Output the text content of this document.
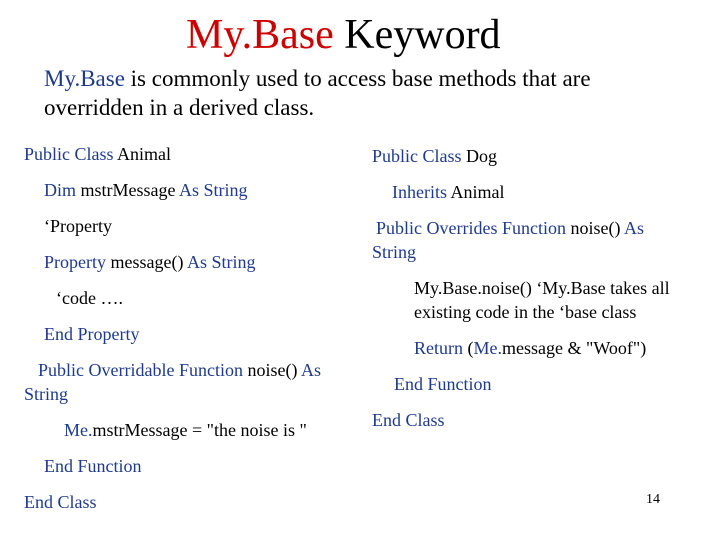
My.Base Keyword
My.Base is commonly used to access base methods that are overridden in a derived class.
Public Class Animal
Dim mstrMessage As String
‘Property
Property message() As String
‘code ….
End Property
Public Overridable Function noise() As String
Me.mstrMessage = "the noise is "
End Function
End Class
Public Class Dog
Inherits Animal
Public Overrides Function noise() As String
My.Base.noise() ‘My.Base takes all existing code in the ‘base class
Return (Me.message & "Woof")
End Function
End Class
14
